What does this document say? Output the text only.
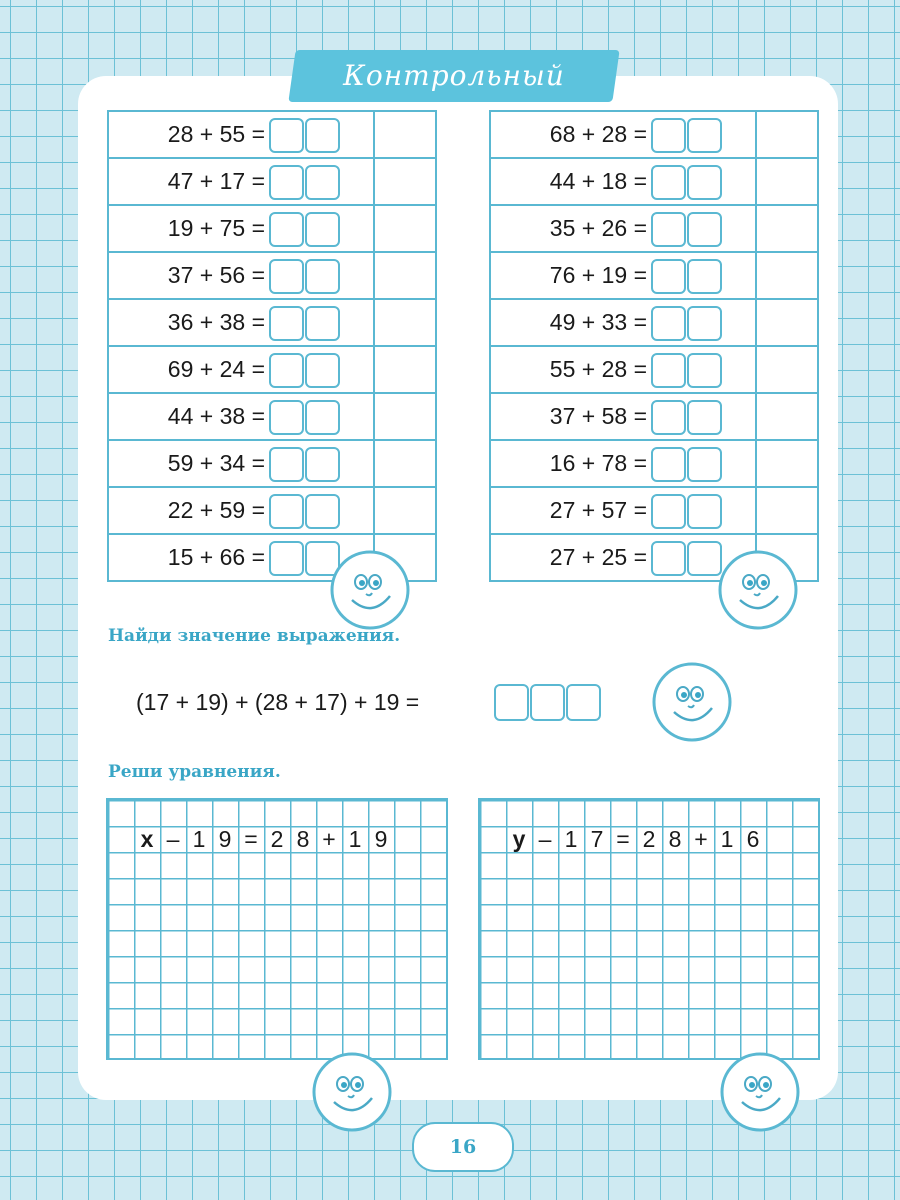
Контрольный листок
28 + 55 =
47 + 17 =
19 + 75 =
37 + 56 =
36 + 38 =
69 + 24 =
44 + 38 =
59 + 34 =
22 + 59 =
15 + 66 =
68 + 28 =
44 + 18 =
35 + 26 =
76 + 19 =
49 + 33 =
55 + 28 =
37 + 58 =
16 + 78 =
27 + 57 =
27 + 25 =
Найди значение выражения.
(17 + 19) + (28 + 17) + 19 =
Реши уравнения.
x – 1 9 = 2 8 + 1 9	y – 1 7 = 2 8 + 1 6
16
